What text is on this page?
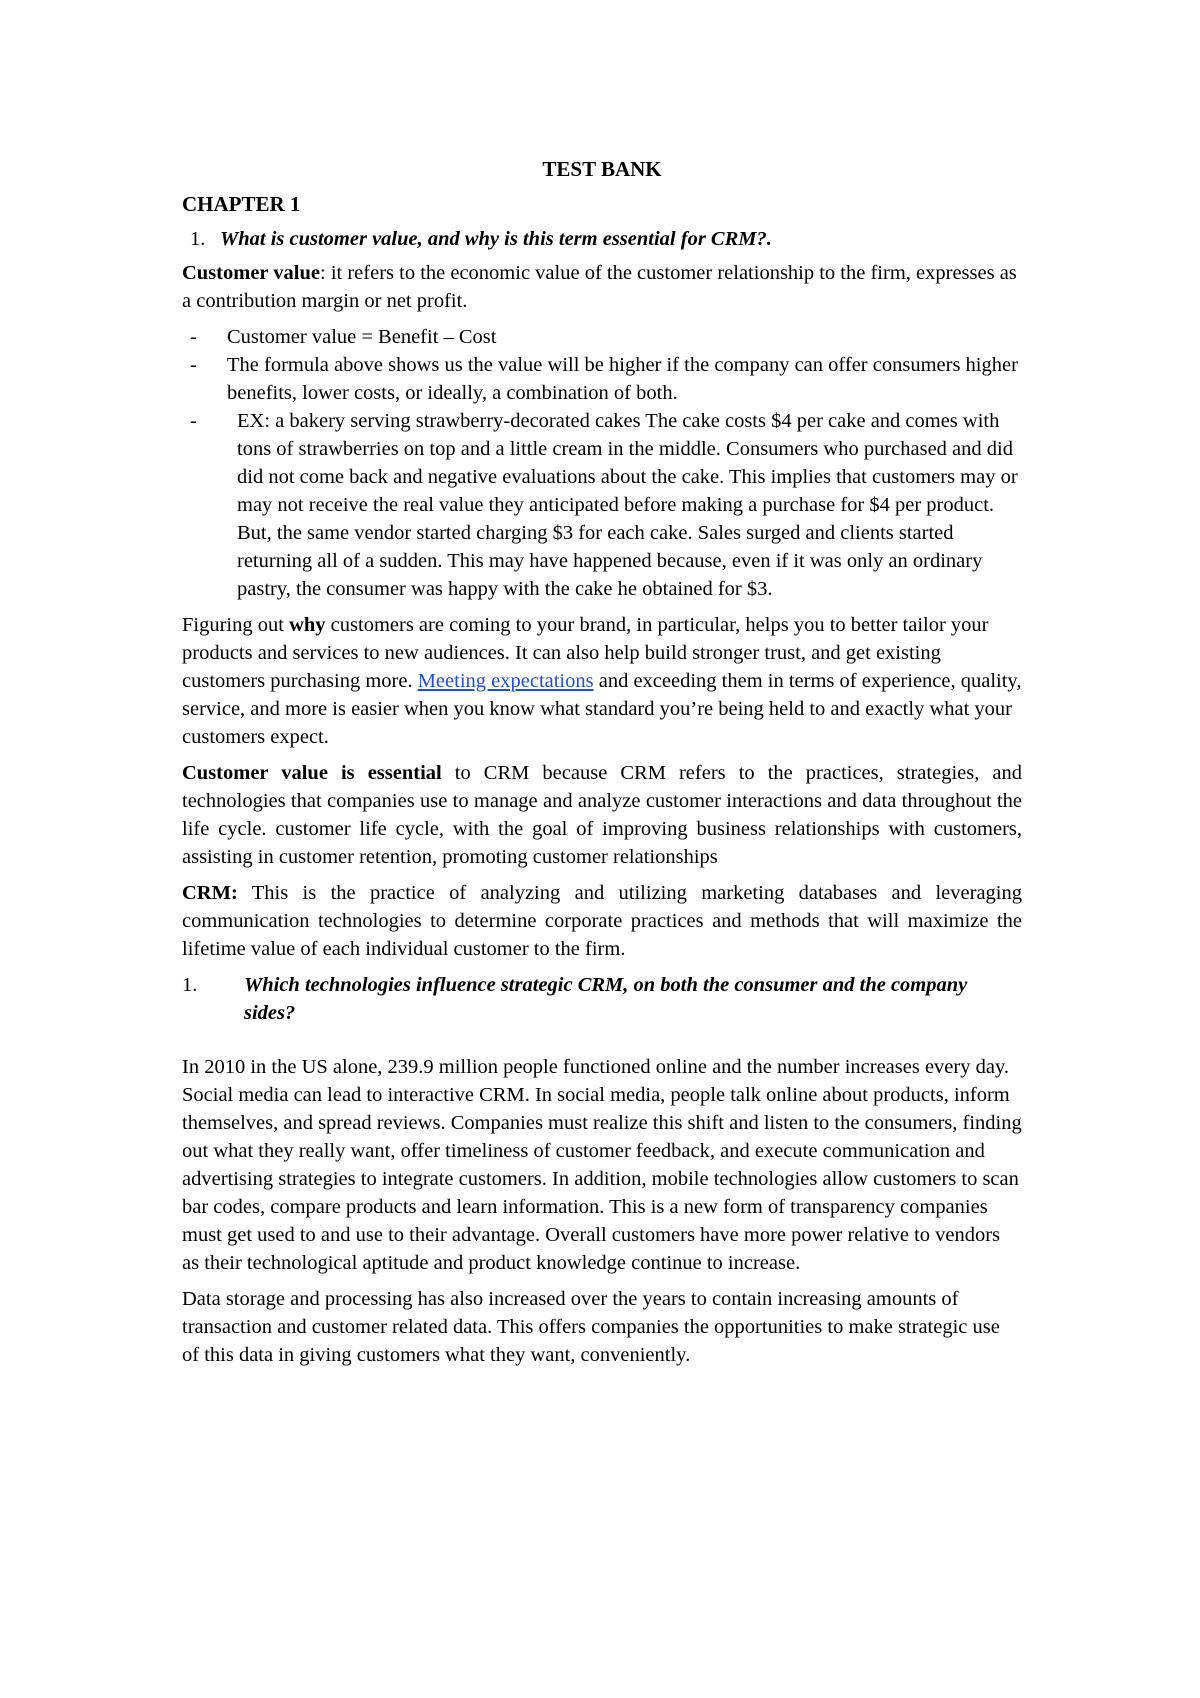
TEST BANK
CHAPTER 1
1. What is customer value, and why is this term essential for CRM?.

Customer value: it refers to the economic value of the customer relationship to the firm, expresses as a contribution margin or net profit.

-	Customer value = Benefit – Cost
-	The formula above shows us the value will be higher if the company can offer consumers higher benefits, lower costs, or ideally, a combination of both.
-	EX: a bakery serving strawberry-decorated cakes The cake costs $4 per cake and comes with tons of strawberries on top and a little cream in the middle. Consumers who purchased and did did not come back and negative evaluations about the cake. This implies that customers may or may not receive the real value they anticipated before making a purchase for $4 per product.
But, the same vendor started charging $3 for each cake. Sales surged and clients started returning all of a sudden. This may have happened because, even if it was only an ordinary pastry, the consumer was happy with the cake he obtained for $3.

Figuring out why customers are coming to your brand, in particular, helps you to better tailor your products and services to new audiences. It can also help build stronger trust, and get existing customers purchasing more. Meeting expectations and exceeding them in terms of experience, quality, service, and more is easier when you know what standard you’re being held to and exactly what your customers expect.

Customer value is essential to CRM because CRM refers to the practices, strategies, and technologies that companies use to manage and analyze customer interactions and data throughout the life cycle. customer life cycle, with the goal of improving business relationships with customers, assisting in customer retention, promoting customer relationships

CRM: This is the practice of analyzing and utilizing marketing databases and leveraging communication technologies to determine corporate practices and methods that will maximize the lifetime value of each individual customer to the firm.

1.	Which technologies influence strategic CRM, on both the consumer and the company sides?

In 2010 in the US alone, 239.9 million people functioned online and the number increases every day. Social media can lead to interactive CRM. In social media, people talk online about products, inform themselves, and spread reviews. Companies must realize this shift and listen to the consumers, finding out what they really want, offer timeliness of customer feedback, and execute communication and advertising strategies to integrate customers. In addition, mobile technologies allow customers to scan bar codes, compare products and learn information. This is a new form of transparency companies must get used to and use to their advantage. Overall customers have more power relative to vendors as their technological aptitude and product knowledge continue to increase.

Data storage and processing has also increased over the years to contain increasing amounts of transaction and customer related data. This offers companies the opportunities to make strategic use of this data in giving customers what they want, conveniently.
